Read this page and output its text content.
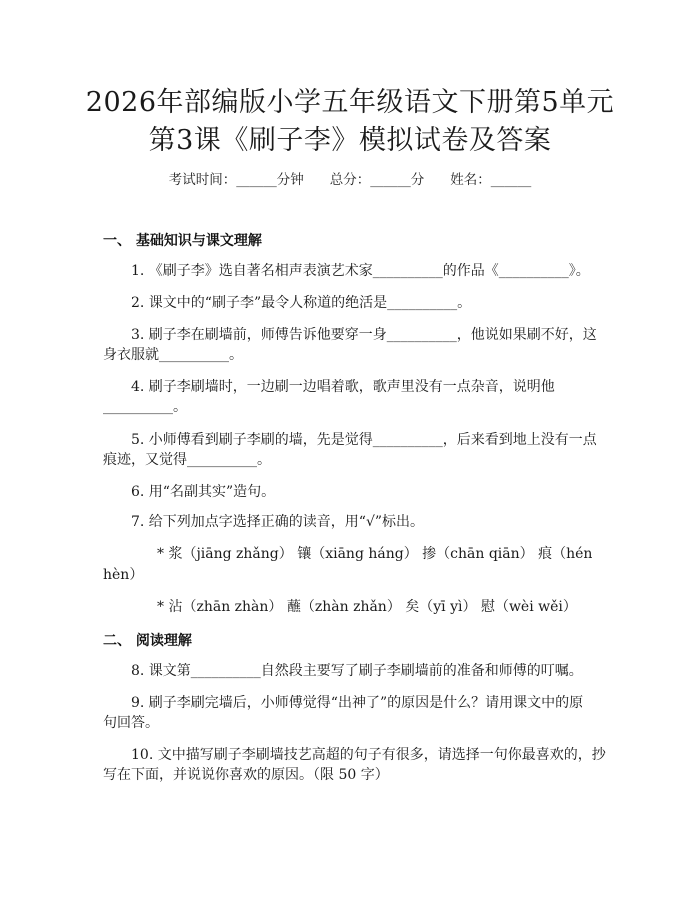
2026年部编版小学五年级语文下册第5单元
第3课《刷子李》模拟试卷及答案
考试时间：______分钟 总分：______分 姓名：______
一、 基础知识与课文理解
1. 《刷子李》选自著名相声表演艺术家__________的作品《__________》。
2. 课文中的“刷子李”最令人称道的绝活是__________。
3. 刷子李在刷墙前，师傅告诉他要穿一身__________，他说如果刷不好，这
身衣服就__________。
4. 刷子李刷墙时，一边刷一边唱着歌，歌声里没有一点杂音，说明他
__________。
5. 小师傅看到刷子李刷的墙，先是觉得__________，后来看到地上没有一点
痕迹，又觉得__________。
6. 用“名副其实”造句。
7. 给下列加点字选择正确的读音，用“√”标出。
* 浆（jiāng zhǎng） 镶（xiāng háng） 掺（chān qiān） 痕（hén
hèn）
* 沾（zhān zhàn） 蘸（zhàn zhǎn） 矣（yī yì） 慰（wèi wěi）
二、 阅读理解
8. 课文第__________自然段主要写了刷子李刷墙前的准备和师傅的叮嘱。
9. 刷子李刷完墙后，小师傅觉得“出神了”的原因是什么？请用课文中的原
句回答。
10. 文中描写刷子李刷墙技艺高超的句子有很多，请选择一句你最喜欢的，抄
写在下面，并说说你喜欢的原因。（限 50 字）
